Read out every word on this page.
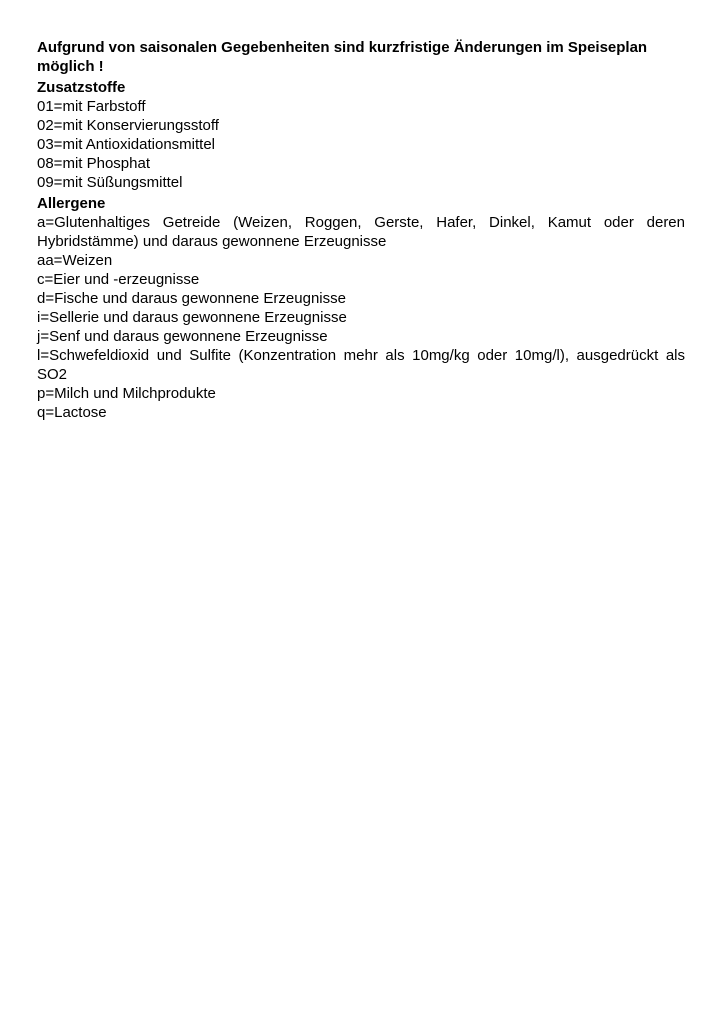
Aufgrund von saisonalen Gegebenheiten sind kurzfristige Änderungen im Speiseplan möglich !

Zusatzstoffe
01=mit Farbstoff
02=mit Konservierungsstoff
03=mit Antioxidationsmittel
08=mit Phosphat
09=mit Süßungsmittel
Allergene
a=Glutenhaltiges Getreide (Weizen, Roggen, Gerste, Hafer, Dinkel, Kamut oder deren Hybridstämme) und daraus gewonnene Erzeugnisse
aa=Weizen
c=Eier und -erzeugnisse
d=Fische und daraus gewonnene Erzeugnisse
i=Sellerie und daraus gewonnene Erzeugnisse
j=Senf und daraus gewonnene Erzeugnisse
l=Schwefeldioxid und Sulfite (Konzentration mehr als 10mg/kg oder 10mg/l), ausgedrückt als SO2
p=Milch und Milchprodukte
q=Lactose
